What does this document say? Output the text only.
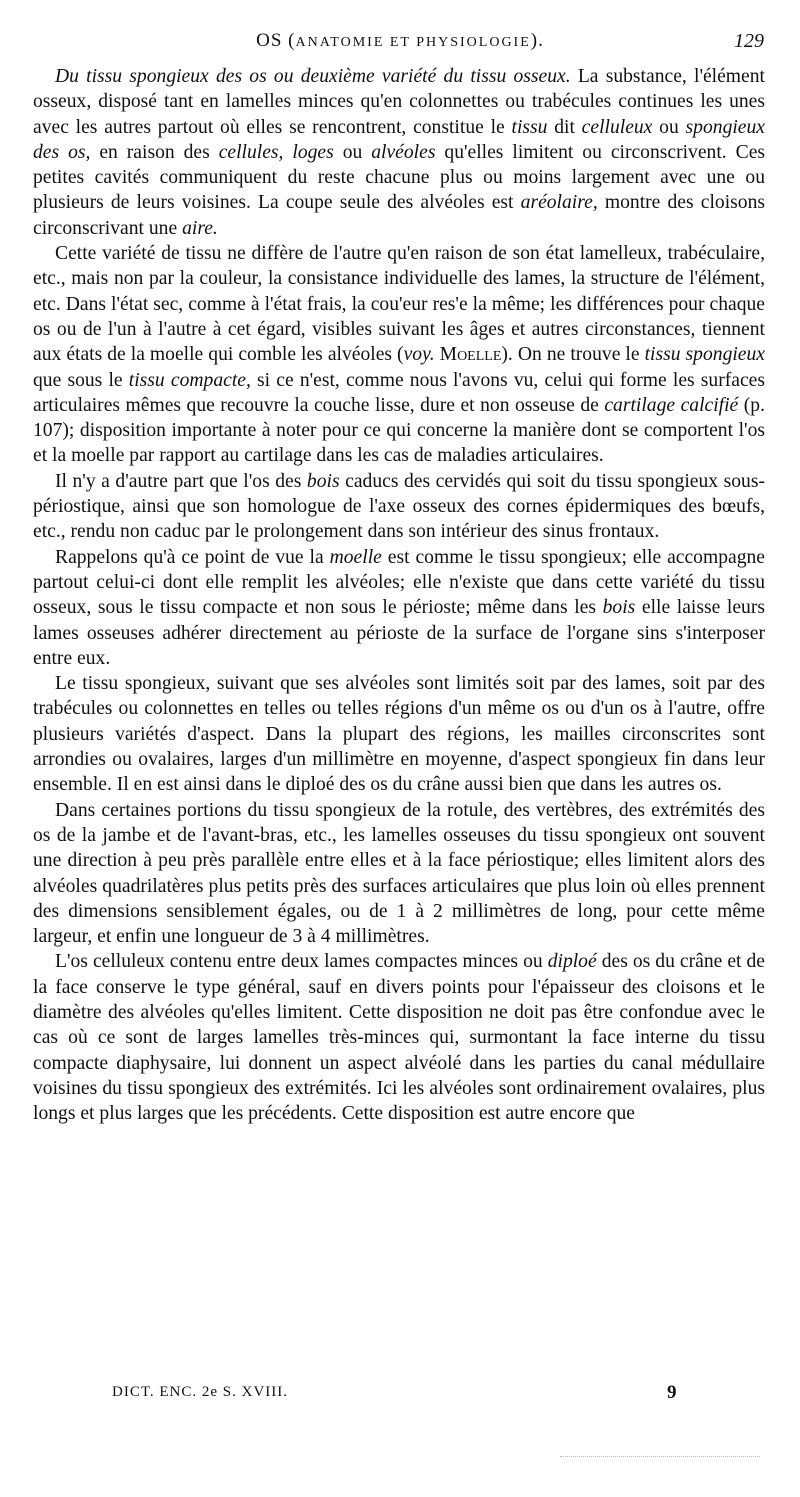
OS (ANATOMIE ET PHYSIOLOGIE).	129

Du tissu spongieux des os ou deuxième variété du tissu osseux. La substance, l'élément osseux, disposé tant en lamelles minces qu'en colonnettes ou trabécules continues les unes avec les autres partout où elles se rencontrent, constitue le tissu dit celluleux ou spongieux des os, en raison des cellules, loges ou alvéoles qu'elles limitent ou circonscrivent. Ces petites cavités communiquent du reste chacune plus ou moins largement avec une ou plusieurs de leurs voisines. La coupe seule des alvéoles est aréolaire, montre des cloisons circonscrivant une aire.

Cette variété de tissu ne diffère de l'autre qu'en raison de son état lamelleux, trabéculaire, etc., mais non par la couleur, la consistance individuelle des lames, la structure de l'élément, etc. Dans l'état sec, comme à l'état frais, la cou'eur res'e la même; les différences pour chaque os ou de l'un à l'autre à cet égard, visibles suivant les âges et autres circonstances, tiennent aux états de la moelle qui comble les alvéoles (voy. Moelle). On ne trouve le tissu spongieux que sous le tissu compacte, si ce n'est, comme nous l'avons vu, celui qui forme les surfaces articulaires mêmes que recouvre la couche lisse, dure et non osseuse de cartilage calcifié (p. 107); disposition importante à noter pour ce qui concerne la manière dont se comportent l'os et la moelle par rapport au cartilage dans les cas de maladies articulaires.

Il n'y a d'autre part que l'os des bois caducs des cervidés qui soit du tissu spongieux sous-périostique, ainsi que son homologue de l'axe osseux des cornes épidermiques des bœufs, etc., rendu non caduc par le prolongement dans son intérieur des sinus frontaux.

Rappelons qu'à ce point de vue la moelle est comme le tissu spongieux; elle accompagne partout celui-ci dont elle remplit les alvéoles; elle n'existe que dans cette variété du tissu osseux, sous le tissu compacte et non sous le périoste; même dans les bois elle laisse leurs lames osseuses adhérer directement au périoste de la surface de l'organe sins s'interposer entre eux.

Le tissu spongieux, suivant que ses alvéoles sont limités soit par des lames, soit par des trabécules ou colonnettes en telles ou telles régions d'un même os ou d'un os à l'autre, offre plusieurs variétés d'aspect. Dans la plupart des régions, les mailles circonscrites sont arrondies ou ovalaires, larges d'un millimètre en moyenne, d'aspect spongieux fin dans leur ensemble. Il en est ainsi dans le diploé des os du crâne aussi bien que dans les autres os.

Dans certaines portions du tissu spongieux de la rotule, des vertèbres, des extrémités des os de la jambe et de l'avant-bras, etc., les lamelles osseuses du tissu spongieux ont souvent une direction à peu près parallèle entre elles et à la face périostique; elles limitent alors des alvéoles quadrilatères plus petits près des surfaces articulaires que plus loin où elles prennent des dimensions sensiblement égales, ou de 1 à 2 millimètres de long, pour cette même largeur, et enfin une longueur de 3 à 4 millimètres.

L'os celluleux contenu entre deux lames compactes minces ou diploé des os du crâne et de la face conserve le type général, sauf en divers points pour l'épaisseur des cloisons et le diamètre des alvéoles qu'elles limitent. Cette disposition ne doit pas être confondue avec le cas où ce sont de larges lamelles très-minces qui, surmontant la face interne du tissu compacte diaphysaire, lui donnent un aspect alvéolé dans les parties du canal médullaire voisines du tissu spongieux des extrémités. Ici les alvéoles sont ordinairement ovalaires, plus longs et plus larges que les précédents. Cette disposition est autre encore que

DICT. ENC. 2e S. XVIII.	9
